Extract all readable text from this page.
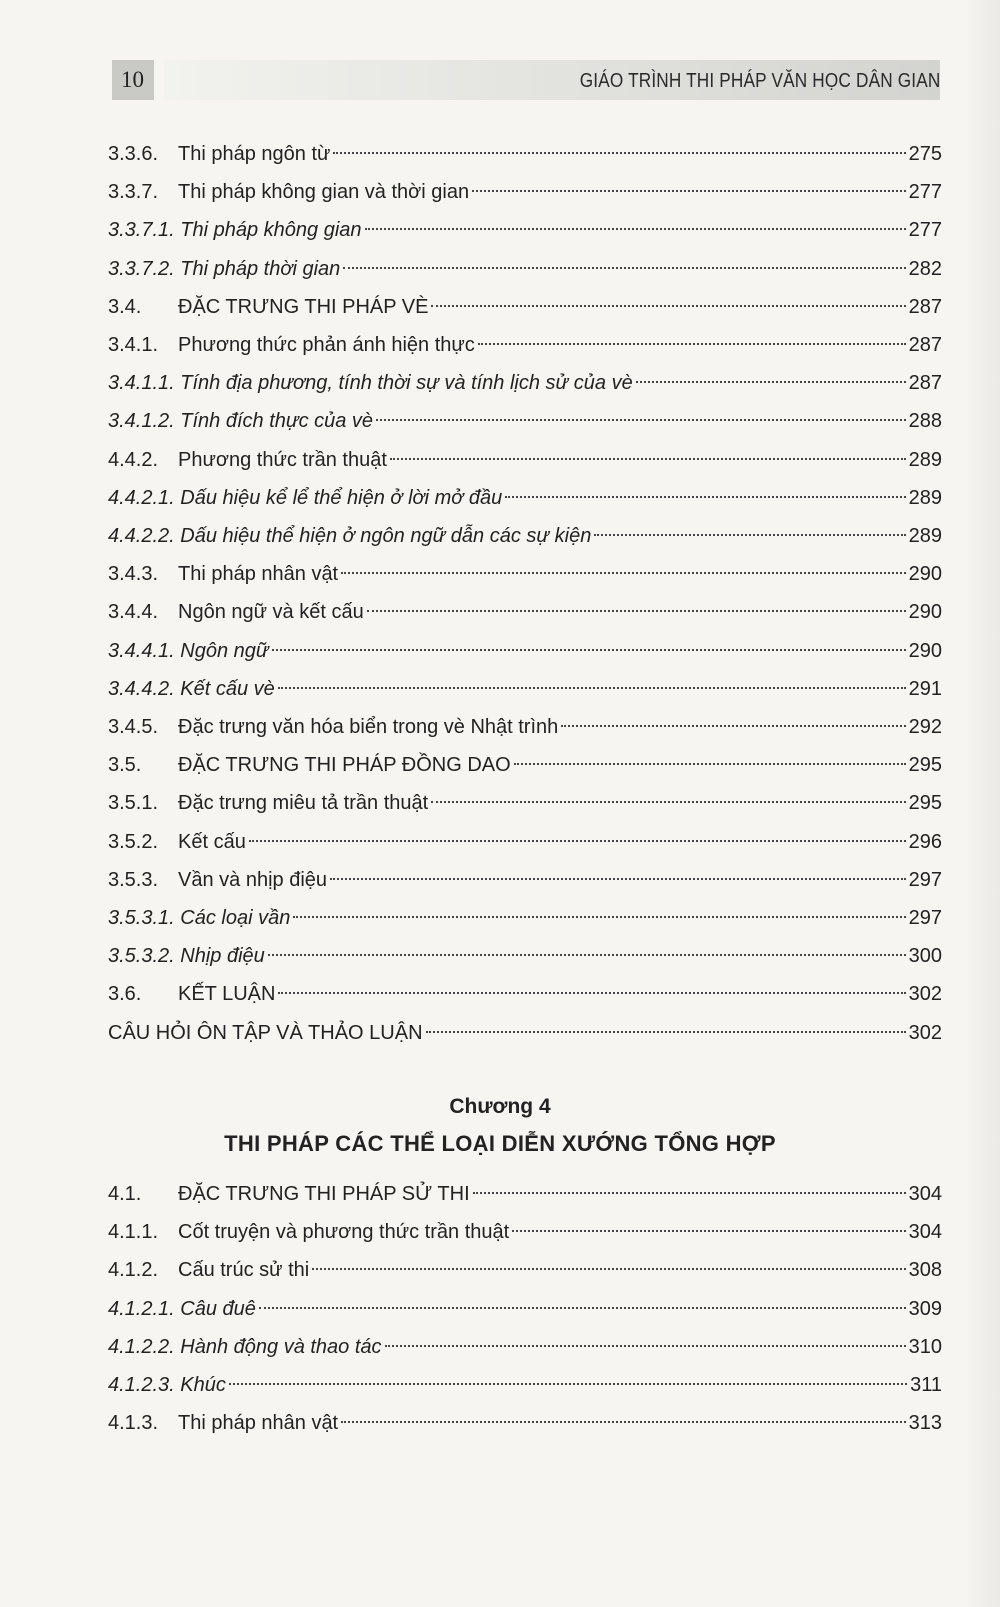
10	GIÁO TRÌNH THI PHÁP VĂN HỌC DÂN GIAN
3.3.6. Thi pháp ngôn từ	275
3.3.7. Thi pháp không gian và thời gian	277
3.3.7.1. Thi pháp không gian	277
3.3.7.2. Thi pháp thời gian	282
3.4.	ĐẶC TRƯNG THI PHÁP VÈ	287
3.4.1. Phương thức phản ánh hiện thực	287
3.4.1.1. Tính địa phương, tính thời sự và tính lịch sử của vè	287
3.4.1.2. Tính đích thực của vè	288
4.4.2. Phương thức trần thuật	289
4.4.2.1. Dấu hiệu kể lể thể hiện ở lời mở đầu	289
4.4.2.2. Dấu hiệu thể hiện ở ngôn ngữ dẫn các sự kiện	289
3.4.3. Thi pháp nhân vật	290
3.4.4. Ngôn ngữ và kết cấu	290
3.4.4.1. Ngôn ngữ	290
3.4.4.2. Kết cấu vè	291
3.4.5. Đặc trưng văn hóa biển trong vè Nhật trình	292
3.5.	ĐẶC TRƯNG THI PHÁP ĐỒNG DAO	295
3.5.1. Đặc trưng miêu tả trần thuật	295
3.5.2. Kết cấu	296
3.5.3. Vần và nhịp điệu	297
3.5.3.1. Các loại vần	297
3.5.3.2. Nhịp điệu	300
3.6.	KẾT LUẬN	302
CÂU HỎI ÔN TẬP VÀ THẢO LUẬN	302
Chương 4
THI PHÁP CÁC THỂ LOẠI DIỄN XƯỚNG TỔNG HỢP
4.1.	ĐẶC TRƯNG THI PHÁP SỬ THI	304
4.1.1. Cốt truyện và phương thức trần thuật	304
4.1.2. Cấu trúc sử thi	308
4.1.2.1. Câu đuê	309
4.1.2.2. Hành động và thao tác	310
4.1.2.3. Khúc	311
4.1.3. Thi pháp nhân vật	313
